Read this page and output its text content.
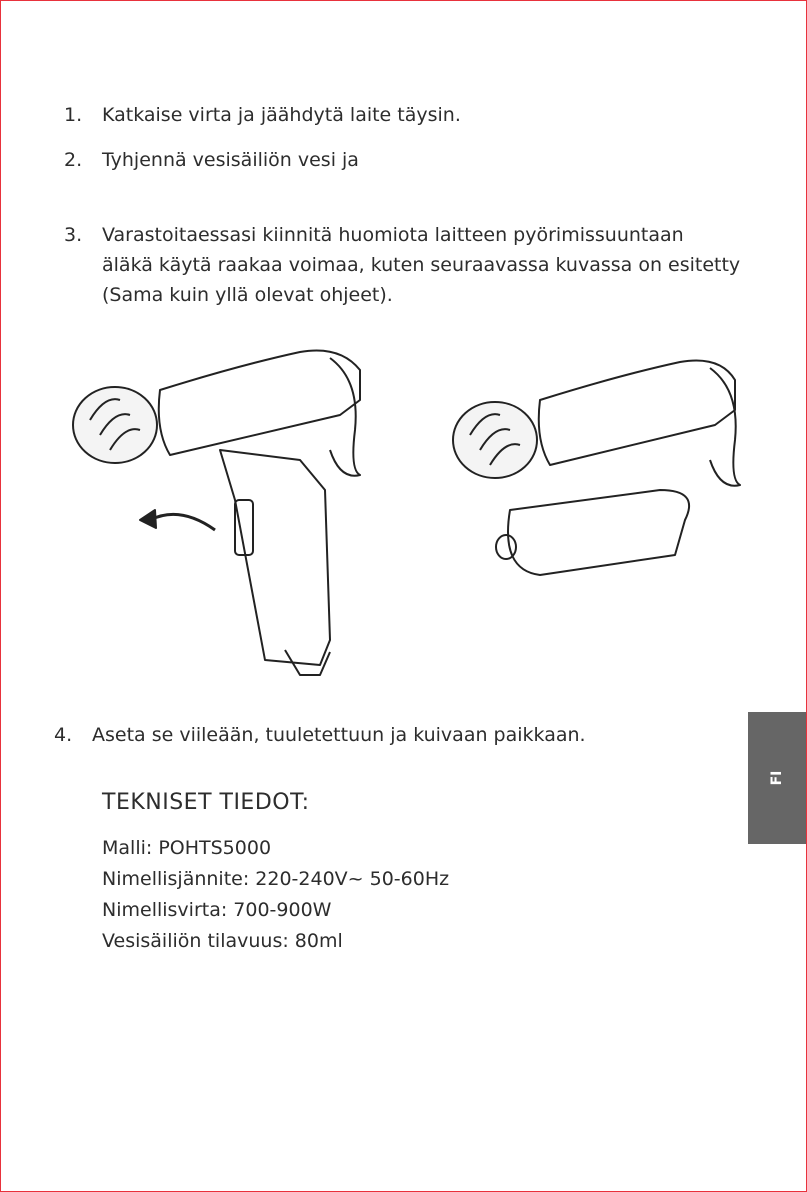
1. Katkaise virta ja jäähdytä laite täysin.
2. Tyhjennä vesisäiliön vesi ja
3. Varastoitaessasi kiinnitä huomiota laitteen pyörimissuuntaan
äläkä käytä raakaa voimaa, kuten seuraavassa kuvassa on esitetty
(Sama kuin yllä olevat ohjeet).
4. Aseta se viileään, tuuletettuun ja kuivaan paikkaan.
TEKNISET TIEDOT:
Malli: POHTS5000
Nimellisjännite: 220-240V~ 50-60Hz
Nimellisvirta: 700-900W
Vesisäiliön tilavuus: 80ml
FI
